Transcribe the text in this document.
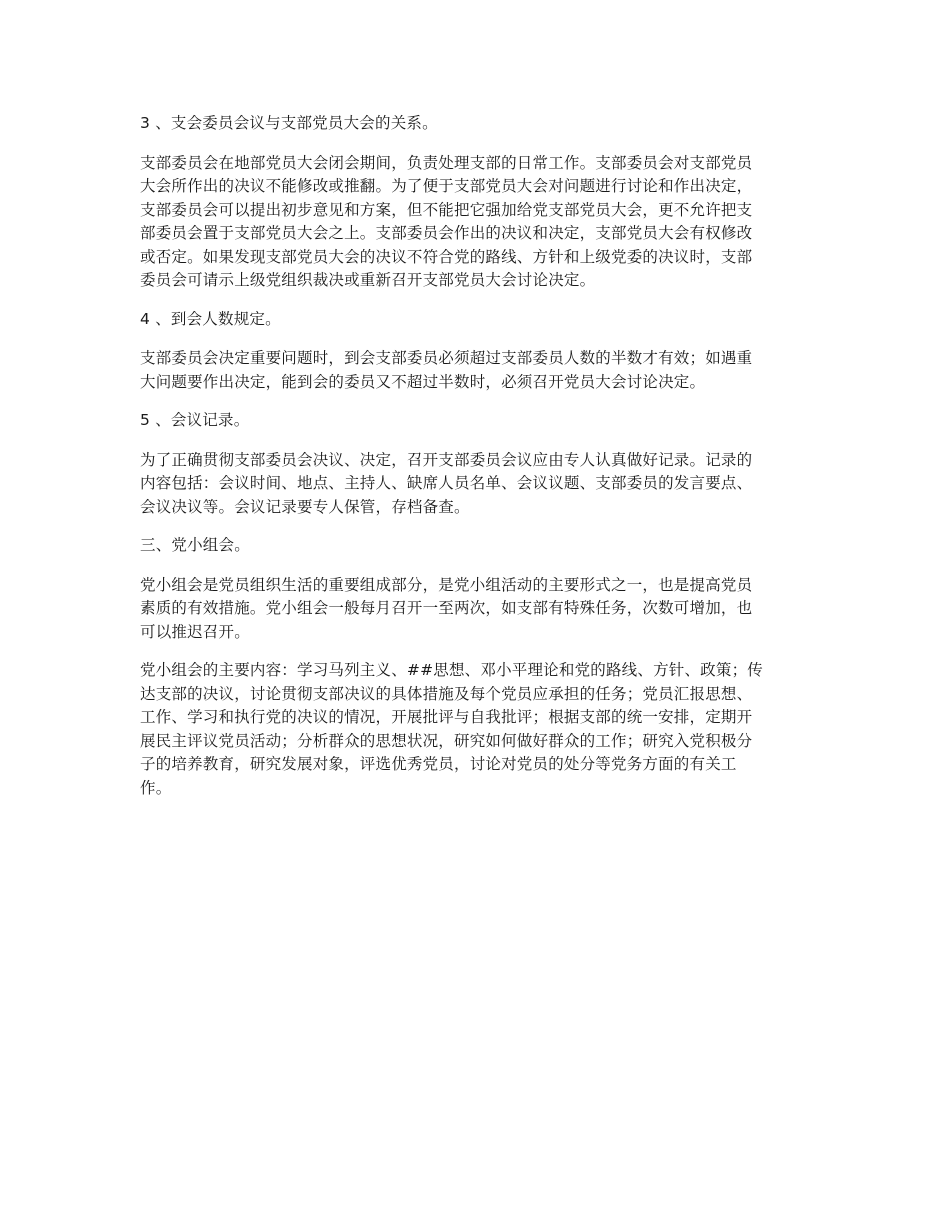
3 、支会委员会议与支部党员大会的关系。
支部委员会在地部党员大会闭会期间，负责处理支部的日常工作。支部委员会对支部党员
大会所作出的决议不能修改或推翻。为了便于支部党员大会对问题进行讨论和作出决定，
支部委员会可以提出初步意见和方案，但不能把它强加给党支部党员大会，更不允许把支
部委员会置于支部党员大会之上。支部委员会作出的决议和决定，支部党员大会有权修改
或否定。如果发现支部党员大会的决议不符合党的路线、方针和上级党委的决议时，支部
委员会可请示上级党组织裁决或重新召开支部党员大会讨论决定。
4 、到会人数规定。
支部委员会决定重要问题时，到会支部委员必须超过支部委员人数的半数才有效；如遇重
大问题要作出决定，能到会的委员又不超过半数时，必须召开党员大会讨论决定。
5 、会议记录。
为了正确贯彻支部委员会决议、决定，召开支部委员会议应由专人认真做好记录。记录的
内容包括：会议时间、地点、主持人、缺席人员名单、会议议题、支部委员的发言要点、
会议决议等。会议记录要专人保管，存档备查。
三、党小组会。
党小组会是党员组织生活的重要组成部分，是党小组活动的主要形式之一，也是提高党员
素质的有效措施。党小组会一般每月召开一至两次，如支部有特殊任务，次数可增加，也
可以推迟召开。
党小组会的主要内容：学习马列主义、##思想、邓小平理论和党的路线、方针、政策；传
达支部的决议，讨论贯彻支部决议的具体措施及每个党员应承担的任务；党员汇报思想、
工作、学习和执行党的决议的情况，开展批评与自我批评；根据支部的统一安排，定期开
展民主评议党员活动；分析群众的思想状况，研究如何做好群众的工作；研究入党积极分
子的培养教育，研究发展对象，评选优秀党员，讨论对党员的处分等党务方面的有关工
作。
